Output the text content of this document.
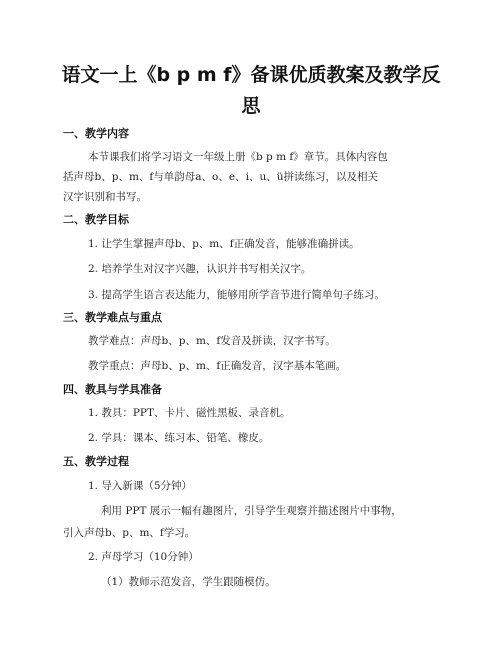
语文一上《b p m f》备课优质教案及教学反
思
一、教学内容
本节课我们将学习语文一年级上册《b p m f》章节。具体内容包
括声母b、p、m、f与单韵母a、o、e、i、u、ü拼读练习，以及相关
汉字识别和书写。
二、教学目标
1. 让学生掌握声母b、p、m、f正确发音，能够准确拼读。
2. 培养学生对汉字兴趣，认识并书写相关汉字。
3. 提高学生语言表达能力，能够用所学音节进行简单句子练习。
三、教学难点与重点
教学难点：声母b、p、m、f发音及拼读，汉字书写。
教学重点：声母b、p、m、f正确发音，汉字基本笔画。
四、教具与学具准备
1. 教具：PPT、卡片、磁性黑板、录音机。
2. 学具：课本、练习本、铅笔、橡皮。
五、教学过程
1. 导入新课（5分钟）
利用 PPT 展示一幅有趣图片，引导学生观察并描述图片中事物，
引入声母b、p、m、f学习。
2. 声母学习（10分钟）
（1）教师示范发音，学生跟随模仿。
